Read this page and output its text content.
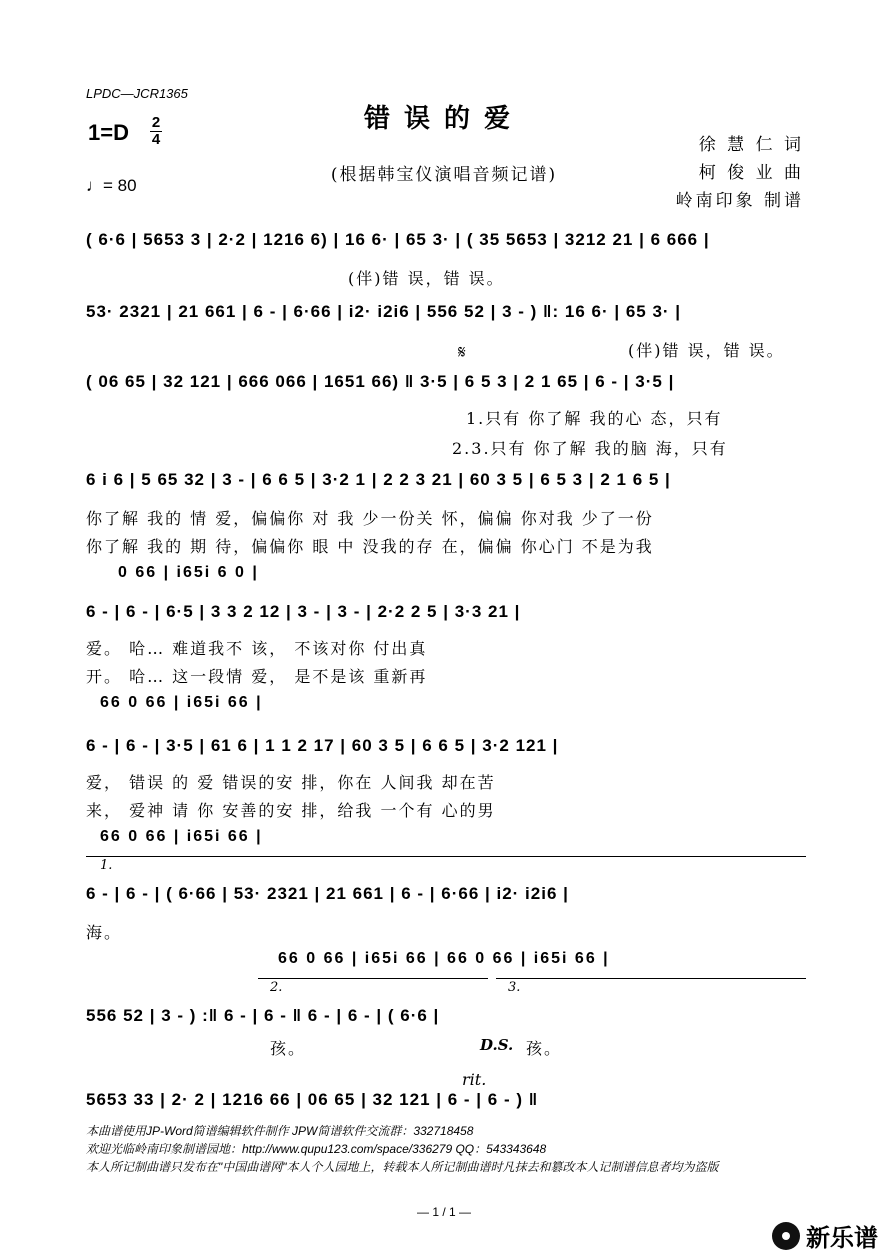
LPDC—JCR1365
错误的爱
(根据韩宝仪演唱音频记谱)
1=D 2
4
♩= 80
徐 慧 仁 词
柯 俊 业 曲
岭南印象 制谱
( 6·6 | 5653 3 | 2·2 | 1216 6) | 16 6· | 65 3· | ( 35 5653 | 3212 21 | 6 666 |
(伴)错 误，错 误。
53· 2321 | 21 661 | 6 - | 6·66 | i2· i2i6 | 556 52 | 3 - ) ‖: 16 6· | 65 3· |
𝄋	(伴)错 误，错 误。
( 06 65 | 32 121 | 666 066 | 1651 66) ‖ 3·5 | 6 5 3 | 2 1 65 | 6 - | 3·5 |
1.只有 你了解 我的心 态，只有
2.3.只有 你了解 我的脑 海，只有
6 i 6 | 5 65 32 | 3 - | 6 6 5 | 3·2 1 | 2 2 3 21 | 60 3 5 | 6 5 3 | 2 1 6 5 |
你了解 我的 情 爱，偏偏你 对 我 少一份关 怀，偏偏 你对我 少了一份
你了解 我的 期 待，偏偏你 眼 中 没我的存 在，偏偏 你心门 不是为我
0 66 | i65i 6 0 |
6 - | 6 - | 6·5 | 3 3 2 12 | 3 - | 3 - | 2·2 2 5 | 3·3 21 |
爱。 哈… 难道我不 该， 不该对你 付出真
开。 哈… 这一段情 爱， 是不是该 重新再
66 0 66 | i65i 66 |
6 - | 6 - | 3·5 | 61 6 | 1 1 2 17 | 60 3 5 | 6 6 5 | 3·2 121 |
爱， 错误 的 爱 错误的安 排，你在 人间我 却在苦
来， 爱神 请 你 安善的安 排，给我 一个有 心的男
66 0 66 | i65i 66 |
1.
6 - | 6 - | ( 6·66 | 53· 2321 | 21 661 | 6 - | 6·66 | i2· i2i6 |
海。
66 0 66 | i65i 66 | 66 0 66 | i65i 66 |
2.	3.
556 52 | 3 - ) :‖ 6 - | 6 - ‖ 6 - | 6 - | ( 6·6 |
孩。	D.S. 孩。
rit.
5653 33 | 2· 2 | 1216 66 | 06 65 | 32 121 | 6 - | 6 - ) ‖
本曲谱使用JP-Word简谱编辑软件制作 JPW简谱软件交流群：332718458
欢迎光临岭南印象制谱园地：http://www.qupu123.com/space/336279 QQ：543343648
本人所记制曲谱只发布在"中国曲谱网"本人个人园地上，转载本人所记制曲谱时凡抹去和篡改本人记制谱信息者均为盗版
— 1 / 1 —
新乐谱
